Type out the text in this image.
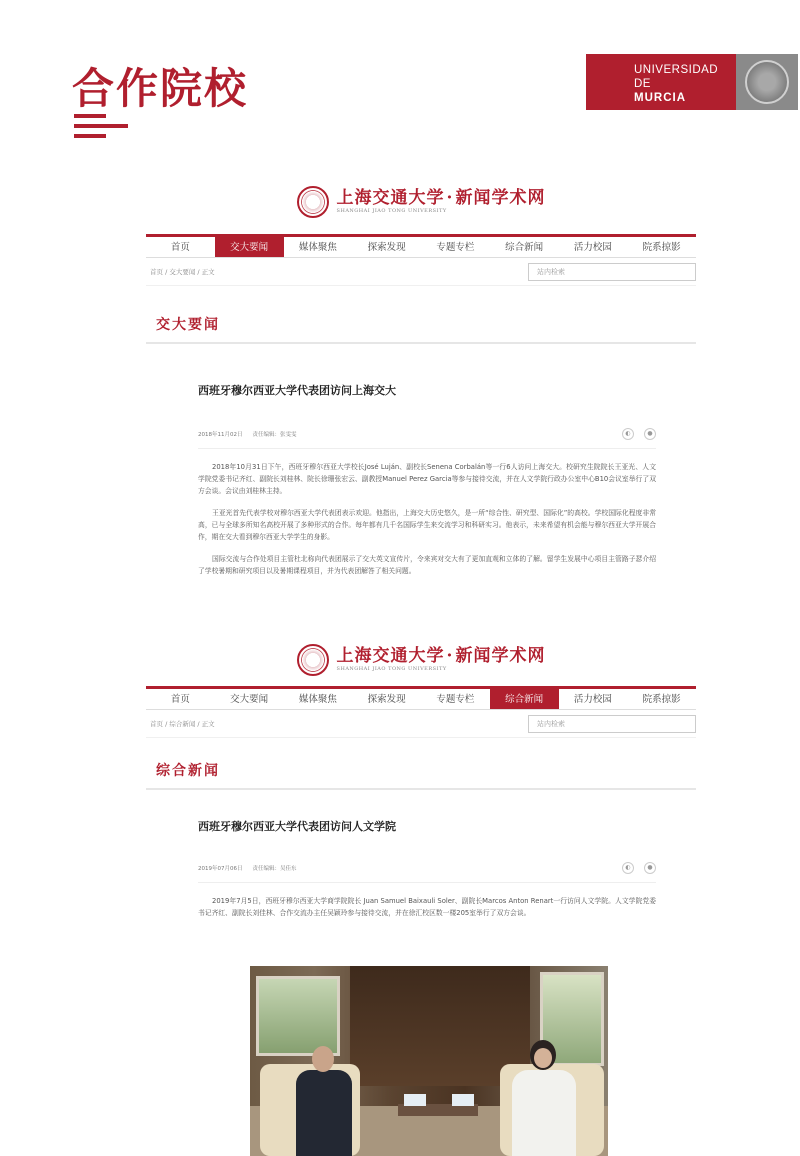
合作院校	UNIVERSIDAD DE
MURCIA
上海交通大学 · 新闻学术网
SHANGHAI JIAO TONG UNIVERSITY
首页	交大要闻	媒体聚焦	探索发现	专题专栏	综合新闻	活力校园	院系掠影
首页 / 交大要闻 / 正文	站内检索
交大要闻
西班牙穆尔西亚大学代表团访问上海交大
2018年11月02日 责任编辑：张雯雯	◐	●

2018年10月31日下午，西班牙穆尔西亚大学校长José Luján、副校长Senena Corbalán等一行6人访问上海交大。校研究生院院长王亚光、人文学院党委书记齐红、副院长刘桂林、院长徐珊张宏云、副教授Manuel Perez Garcia等参与接待交流，并在人文学院行政办公室中心B10会议室举行了双方会谈。会议由刘桂林主持。

王亚光首先代表学校对穆尔西亚大学代表团表示欢迎。他指出，上海交大历史悠久，是一所“综合性、研究型、国际化”的高校。学校国际化程度非常高，已与全球多所知名高校开展了多种形式的合作。每年都有几千名国际学生来交流学习和科研实习。他表示，未来希望有机会能与穆尔西亚大学开展合作，期在交大看到穆尔西亚大学学生的身影。

国际交流与合作处项目主管杜北称向代表团展示了交大英文宣传片，令来宾对交大有了更加直观和立体的了解。留学生发展中心项目主管路子瑟介绍了学校暑期和研究项目以及暑期课程项目，并为代表团解答了相关问题。

上海交通大学 · 新闻学术网
SHANGHAI JIAO TONG UNIVERSITY
首页	交大要闻	媒体聚焦	探索发现	专题专栏	综合新闻	活力校园	院系掠影
首页 / 综合新闻 / 正文	站内检索
综合新闻
西班牙穆尔西亚大学代表团访问人文学院
2019年07月06日 责任编辑：吴佳东	◐	●

2019年7月5日，西班牙穆尔西亚大学商学院院长 Juan Samuel Baixauli Soler、副院长Marcos Anton Renart一行访问人文学院。人文学院党委书记齐红、副院长刘佳林、合作交流办主任吴颖玲参与接待交流，并在徐汇校区数一楼205室举行了双方会谈。
